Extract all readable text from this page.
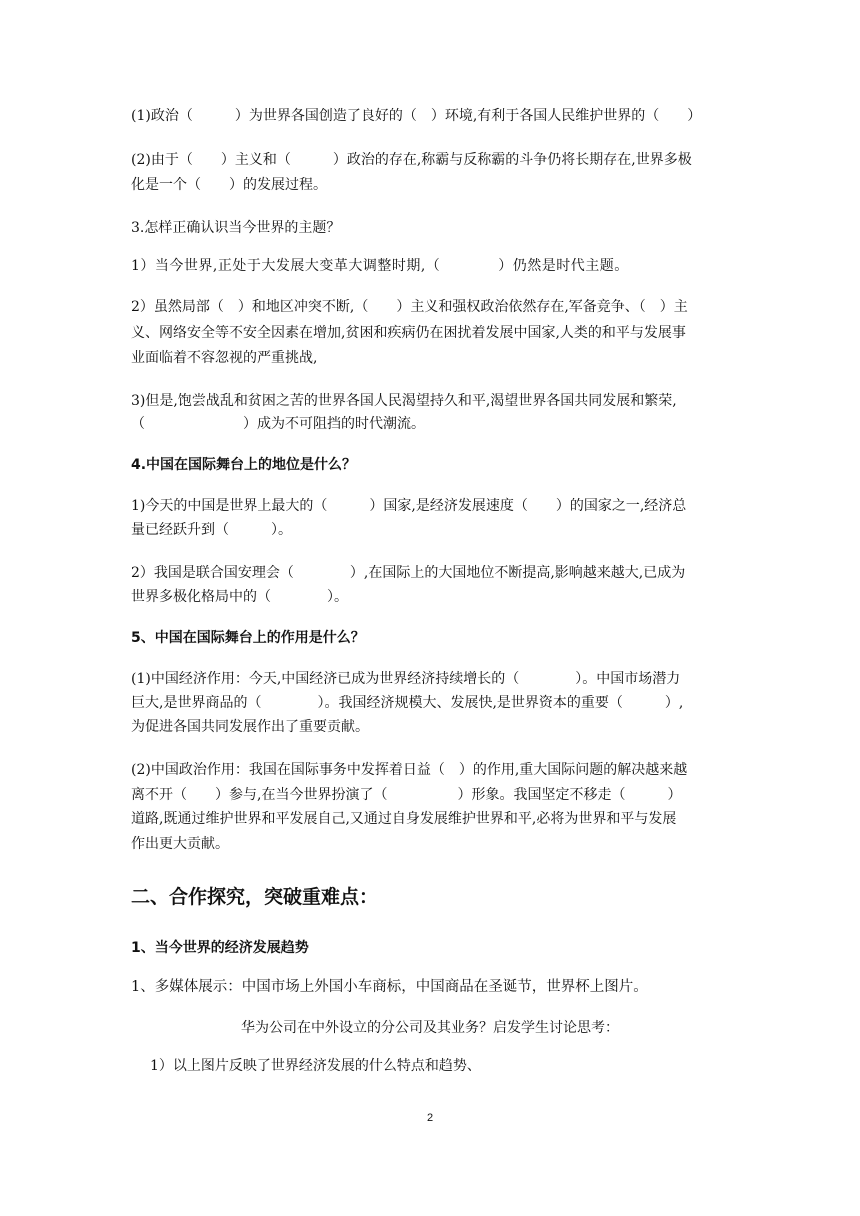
(1)政治（　　　）为世界各国创造了良好的（　）环境,有利于各国人民维护世界的（　　）
(2)由于（　　）主义和（　　　）政治的存在,称霸与反称霸的斗争仍将长期存在,世界多极
化是一个（　　）的发展过程。
3.怎样正确认识当今世界的主题？
1）当今世界,正处于大发展大变革大调整时期,（　　　　）仍然是时代主题。
2）虽然局部（　）和地区冲突不断,（　　）主义和强权政治依然存在,军备竞争、（　）主
义、网络安全等不安全因素在增加,贫困和疾病仍在困扰着发展中国家,人类的和平与发展事
业面临着不容忽视的严重挑战,
3)但是,饱尝战乱和贫困之苦的世界各国人民渴望持久和平,渴望世界各国共同发展和繁荣,
（　　　　　　　）成为不可阻挡的时代潮流。
4.中国在国际舞台上的地位是什么？
1)今天的中国是世界上最大的（　　　）国家,是经济发展速度（　　）的国家之一,经济总
量已经跃升到（　　　）。
2）我国是联合国安理会（　　　　）,在国际上的大国地位不断提高,影响越来越大,已成为
世界多极化格局中的（　　　　）。
5、中国在国际舞台上的作用是什么？
(1)中国经济作用：今天,中国经济已成为世界经济持续增长的（　　　　）。中国市场潜力
巨大,是世界商品的（　　　　）。我国经济规模大、发展快,是世界资本的重要（　　　）,
为促进各国共同发展作出了重要贡献。
(2)中国政治作用：我国在国际事务中发挥着日益（　）的作用,重大国际问题的解决越来越
离不开（　　）参与,在当今世界扮演了（　　　　　）形象。我国坚定不移走（　　　）
道路,既通过维护世界和平发展自己,又通过自身发展维护世界和平,必将为世界和平与发展
作出更大贡献。
二、合作探究，突破重难点：
1、当今世界的经济发展趋势
1、多媒体展示：中国市场上外国小车商标，中国商品在圣诞节，世界杯上图片。
华为公司在中外设立的分公司及其业务？启发学生讨论思考：
1）以上图片反映了世界经济发展的什么特点和趋势、
2
